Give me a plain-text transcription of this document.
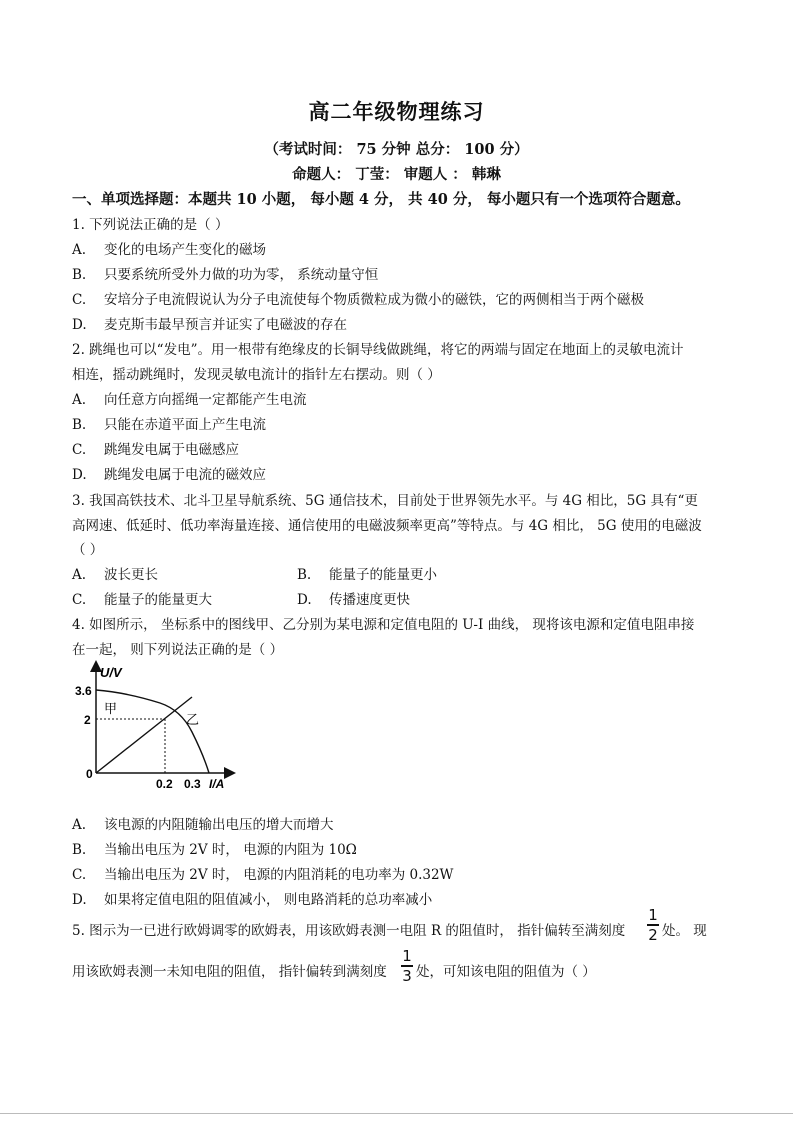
高二年级物理练习
（考试时间： 75 分钟 总分： 100 分）
命题人： 丁莹： 审题人 ： 韩琳
一、单项选择题：本题共 10 小题， 每小题 4 分， 共 40 分， 每小题只有一个选项符合题意。
1. 下列说法正确的是（ ）
A. 变化的电场产生变化的磁场
B. 只要系统所受外力做的功为零， 系统动量守恒
C. 安培分子电流假说认为分子电流使每个物质微粒成为微小的磁铁，它的两侧相当于两个磁极
D. 麦克斯韦最早预言并证实了电磁波的存在
2. 跳绳也可以“发电”。用一根带有绝缘皮的长铜导线做跳绳，将它的两端与固定在地面上的灵敏电流计
相连，摇动跳绳时，发现灵敏电流计的指针左右摆动。则（ ）
A. 向任意方向摇绳一定都能产生电流
B. 只能在赤道平面上产生电流
C. 跳绳发电属于电磁感应
D. 跳绳发电属于电流的磁效应
3. 我国高铁技术、北斗卫星导航系统、5G 通信技术，目前处于世界领先水平。与 4G 相比，5G 具有“更
高网速、低延时、低功率海量连接、通信使用的电磁波频率更高”等特点。与 4G 相比， 5G 使用的电磁波
（ ）
A. 波长更长	B. 能量子的能量更小
C. 能量子的能量更大	D. 传播速度更快
4. 如图所示， 坐标系中的图线甲、乙分别为某电源和定值电阻的 U-I 曲线， 现将该电源和定值电阻串接
在一起， 则下列说法正确的是（ ）
U/V
3.6
2
0
0.2 0.3 I/A
甲
乙
A. 该电源的内阻随输出电压的增大而增大
B. 当输出电压为 2V 时， 电源的内阻为 10Ω
C. 当输出电压为 2V 时， 电源的内阻消耗的电功率为 0.32W
D. 如果将定值电阻的阻值减小， 则电路消耗的总功率减小
5. 图示为一已进行欧姆调零的欧姆表，用该欧姆表测一电阻 R 的阻值时， 指针偏转至满刻度
1
2 处。 现
用该欧姆表测一未知电阻的阻值， 指针偏转到满刻度
1
3 处，可知该电阻的阻值为（ ）
